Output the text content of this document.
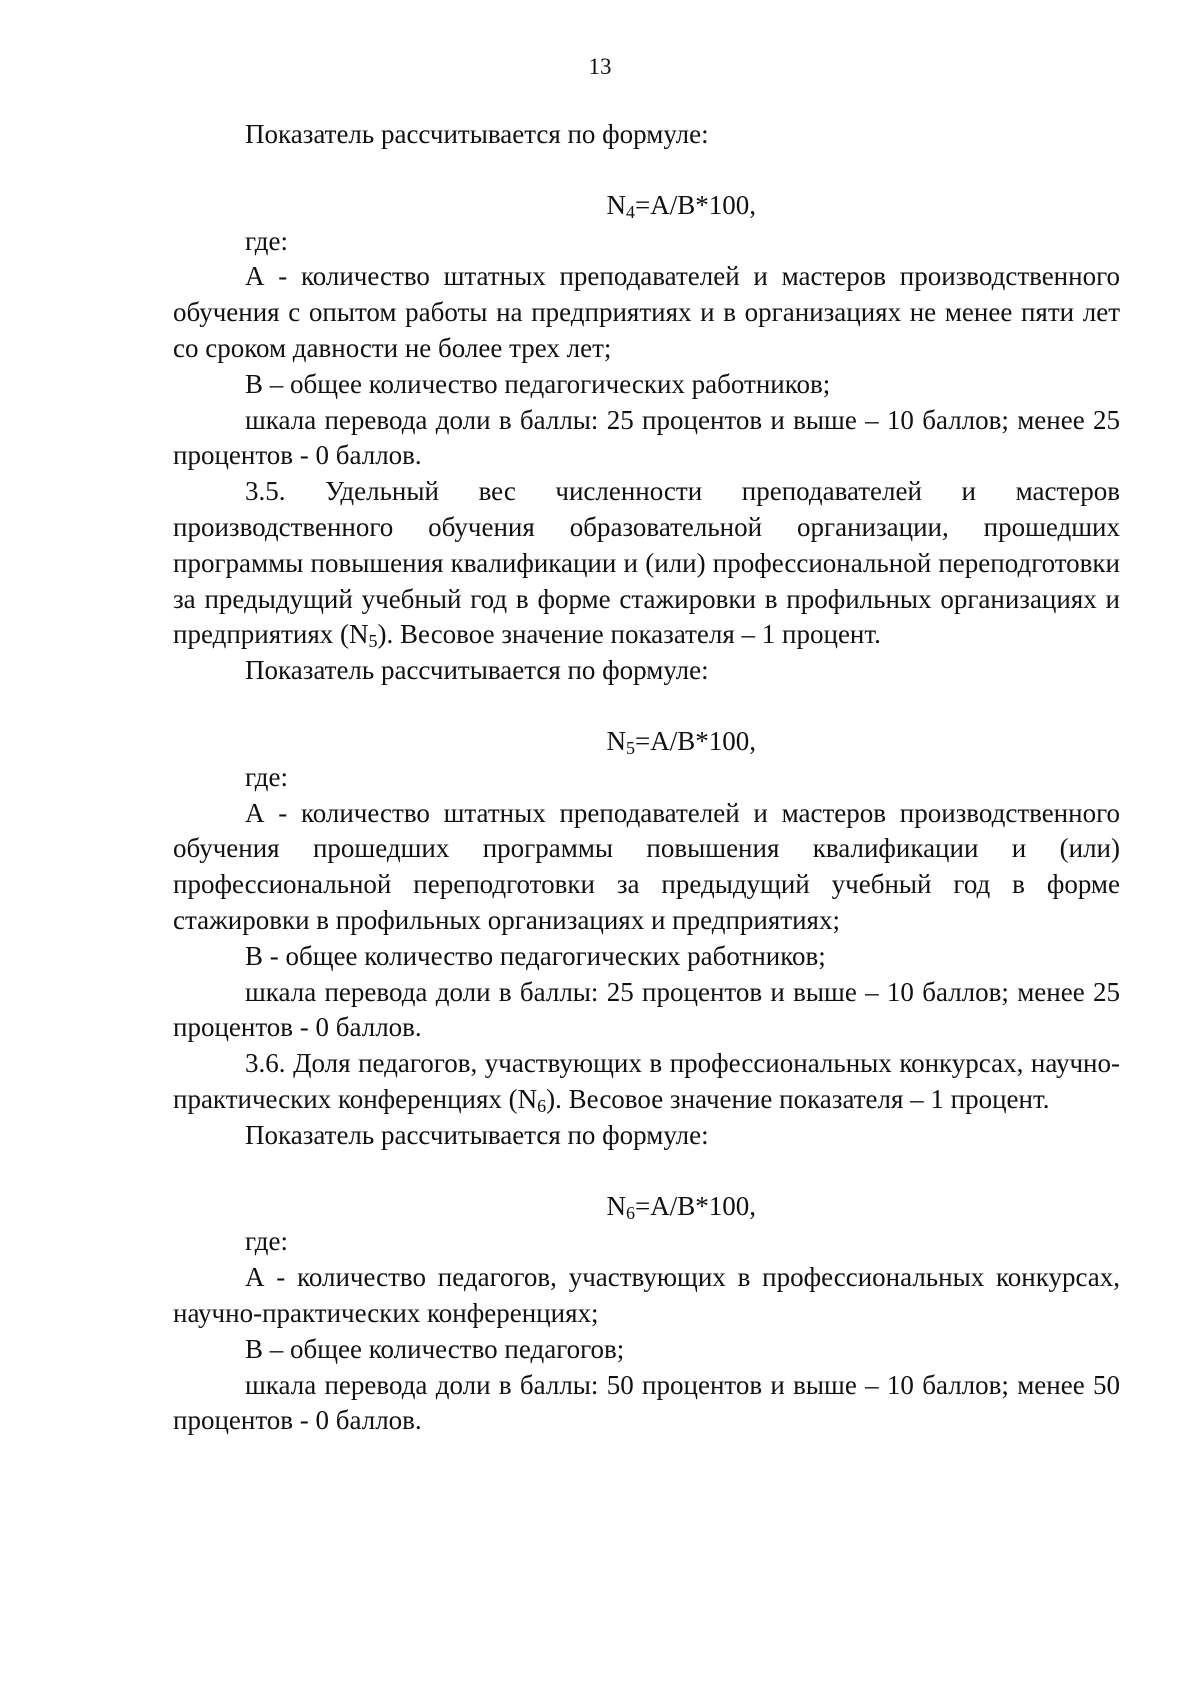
13

Показатель рассчитывается по формуле:

$N_4=A/B*100$,

где:

А - количество штатных преподавателей и мастеров производственного обучения с опытом работы на предприятиях и в организациях не менее пяти лет со сроком давности не более трех лет;

В – общее количество педагогических работников;

шкала перевода доли в баллы: 25 процентов и выше – 10 баллов; менее 25 процентов - 0 баллов.

3.5. Удельный вес численности преподавателей и мастеров производственного обучения образовательной организации, прошедших программы повышения квалификации и (или) профессиональной переподготовки за предыдущий учебный год в форме стажировки в профильных организациях и предприятиях $(N_5)$. Весовое значение показателя – 1 процент.

Показатель рассчитывается по формуле:

$N_5=A/B*100$,

где:

А - количество штатных преподавателей и мастеров производственного обучения прошедших программы повышения квалификации и (или) профессиональной переподготовки за предыдущий учебный год в форме стажировки в профильных организациях и предприятиях;

В - общее количество педагогических работников;

шкала перевода доли в баллы: 25 процентов и выше – 10 баллов; менее 25 процентов - 0 баллов.

3.6. Доля педагогов, участвующих в профессиональных конкурсах, научно-практических конференциях $(N_6)$. Весовое значение показателя – 1 процент.

Показатель рассчитывается по формуле:

$N_6=A/B*100$,

где:

А - количество педагогов, участвующих в профессиональных конкурсах, научно-практических конференциях;

В – общее количество педагогов;

шкала перевода доли в баллы: 50 процентов и выше – 10 баллов; менее 50 процентов - 0 баллов.
